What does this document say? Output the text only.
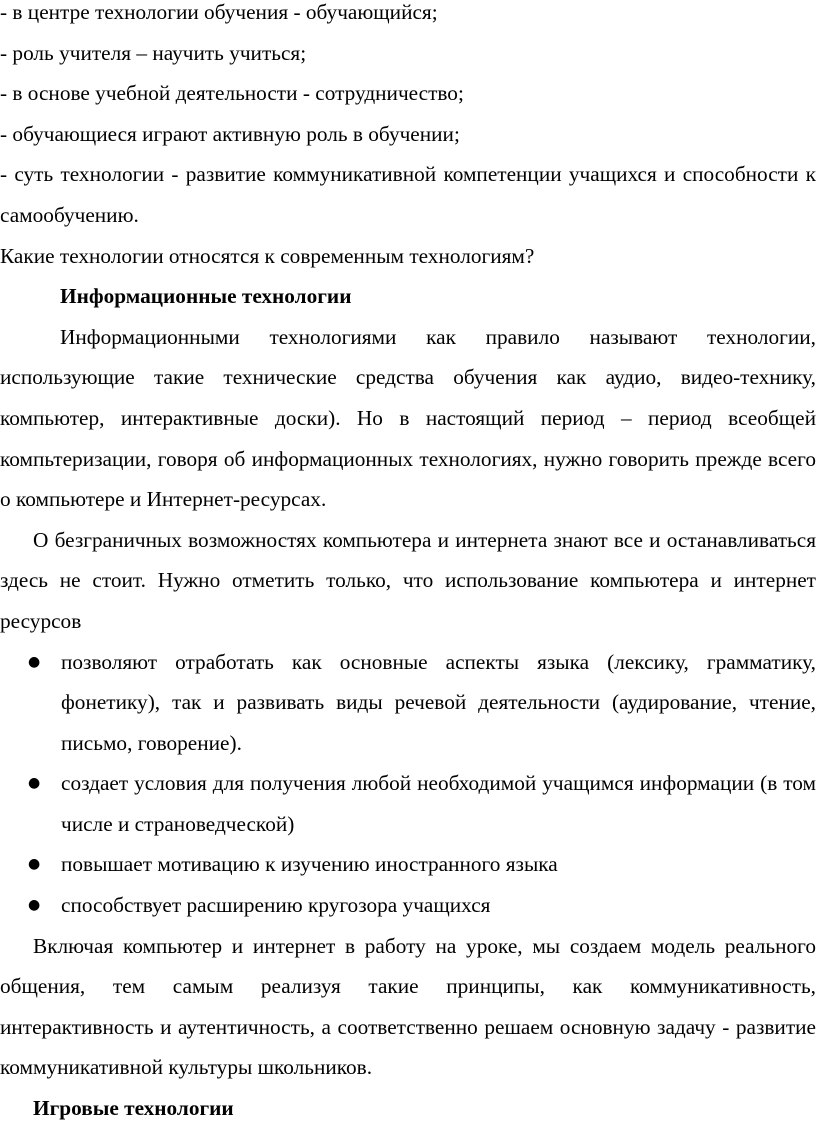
- в центре технологии обучения - обучающийся;

- роль учителя – научить учиться;

- в основе учебной деятельности - сотрудничество;

- обучающиеся играют активную роль в обучении;

- суть технологии - развитие коммуникативной компетенции учащихся и способности к самообучению.

Какие технологии относятся к современным технологиям?

Информационные технологии

Информационными технологиями как правило называют технологии, использующие такие технические средства обучения как аудио, видео-технику, компьютер, интерактивные доски). Но в настоящий период – период всеобщей компьтеризации, говоря об информационных технологиях, нужно говорить прежде всего о компьютере и Интернет-ресурсах.

О безграничных возможностях компьютера и интернета знают все и останавливаться здесь не стоит. Нужно отметить только, что использование компьютера и интернет ресурсов

● позволяют отработать как основные аспекты языка (лексику, грамматику, фонетику), так и развивать виды речевой деятельности (аудирование, чтение, письмо, говорение).
● создает условия для получения любой необходимой учащимся информации (в том числе и страноведческой)
● повышает мотивацию к изучению иностранного языка
● способствует расширению кругозора учащихся

Включая компьютер и интернет в работу на уроке, мы создаем модель реального общения, тем самым реализуя такие принципы, как коммуникативность, интерактивность и аутентичность, а соответственно решаем основную задачу - развитие коммуникативной культуры школьников.

Игровые технологии
